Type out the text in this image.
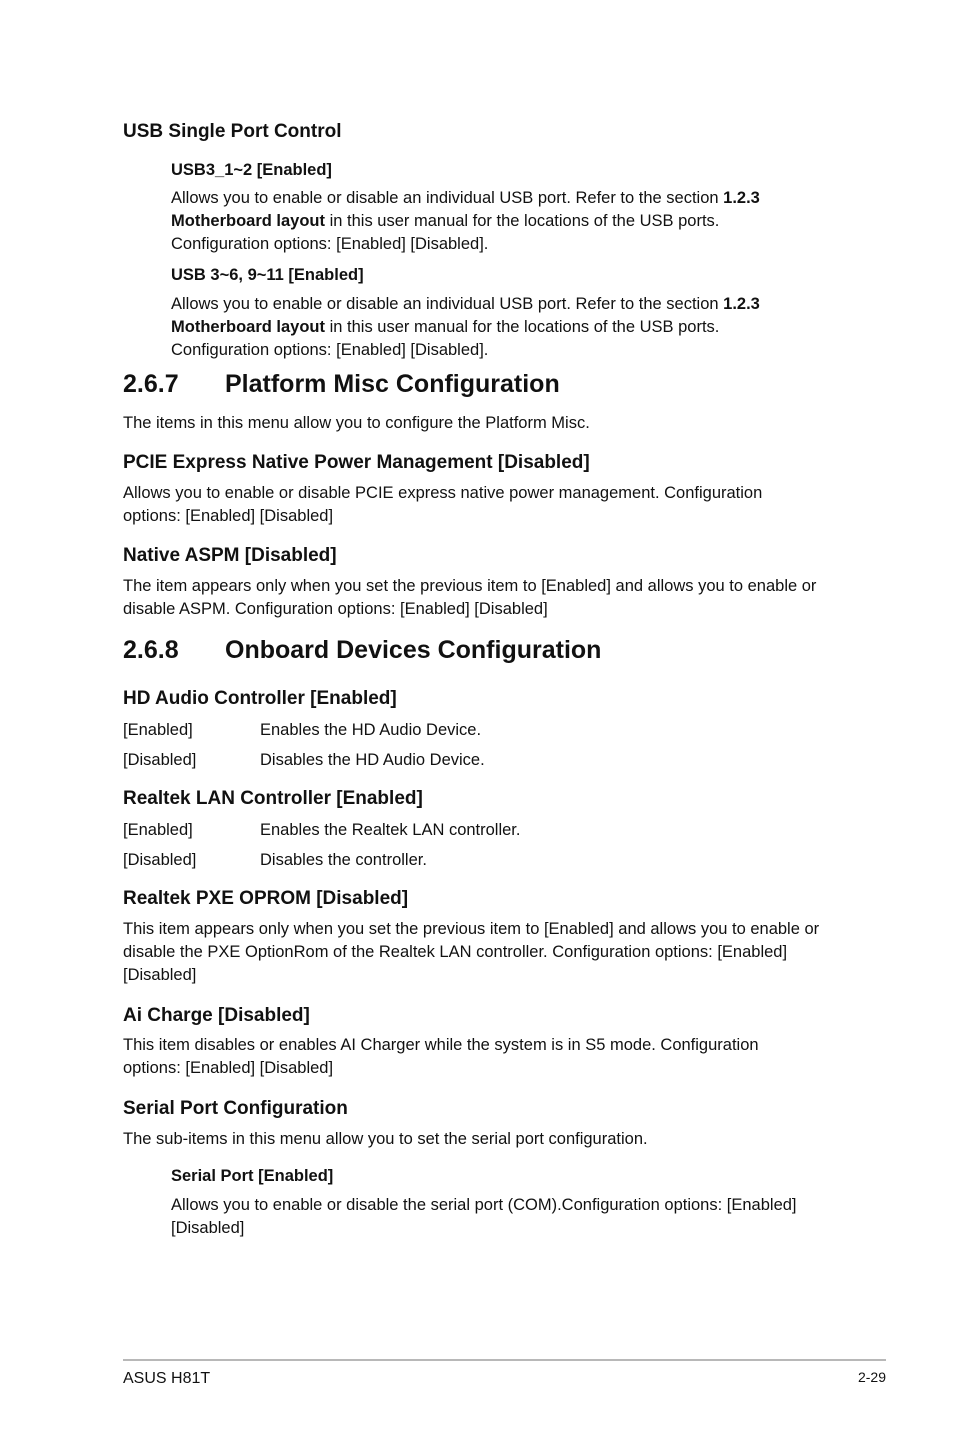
USB Single Port Control
USB3_1~2 [Enabled]

Allows you to enable or disable an individual USB port. Refer to the section 1.2.3
Motherboard layout in this user manual for the locations of the USB ports.
Configuration options: [Enabled] [Disabled].

USB 3~6, 9~11 [Enabled]

Allows you to enable or disable an individual USB port. Refer to the section 1.2.3
Motherboard layout in this user manual for the locations of the USB ports.
Configuration options: [Enabled] [Disabled].

2.6.7 Platform Misc Configuration

The items in this menu allow you to configure the Platform Misc.

PCIE Express Native Power Management [Disabled]

Allows you to enable or disable PCIE express native power management. Configuration options: [Enabled] [Disabled]

Native ASPM [Disabled]

The item appears only when you set the previous item to [Enabled] and allows you to enable or disable ASPM. Configuration options: [Enabled] [Disabled]

2.6.8 Onboard Devices Configuration
HD Audio Controller [Enabled]
[Enabled]	Enables the HD Audio Device.
[Disabled]	Disables the HD Audio Device.
Realtek LAN Controller [Enabled]
[Enabled]	Enables the Realtek LAN controller.
[Disabled]	Disables the controller.
Realtek PXE OPROM [Disabled]

This item appears only when you set the previous item to [Enabled] and allows you to enable or disable the PXE OptionRom of the Realtek LAN controller. Configuration options: [Enabled] [Disabled]

Ai Charge [Disabled]

This item disables or enables AI Charger while the system is in S5 mode. Configuration options: [Enabled] [Disabled]

Serial Port Configuration

The sub-items in this menu allow you to set the serial port configuration.

Serial Port [Enabled]

Allows you to enable or disable the serial port (COM).Configuration options: [Enabled] [Disabled]

ASUS H81T	2-29
